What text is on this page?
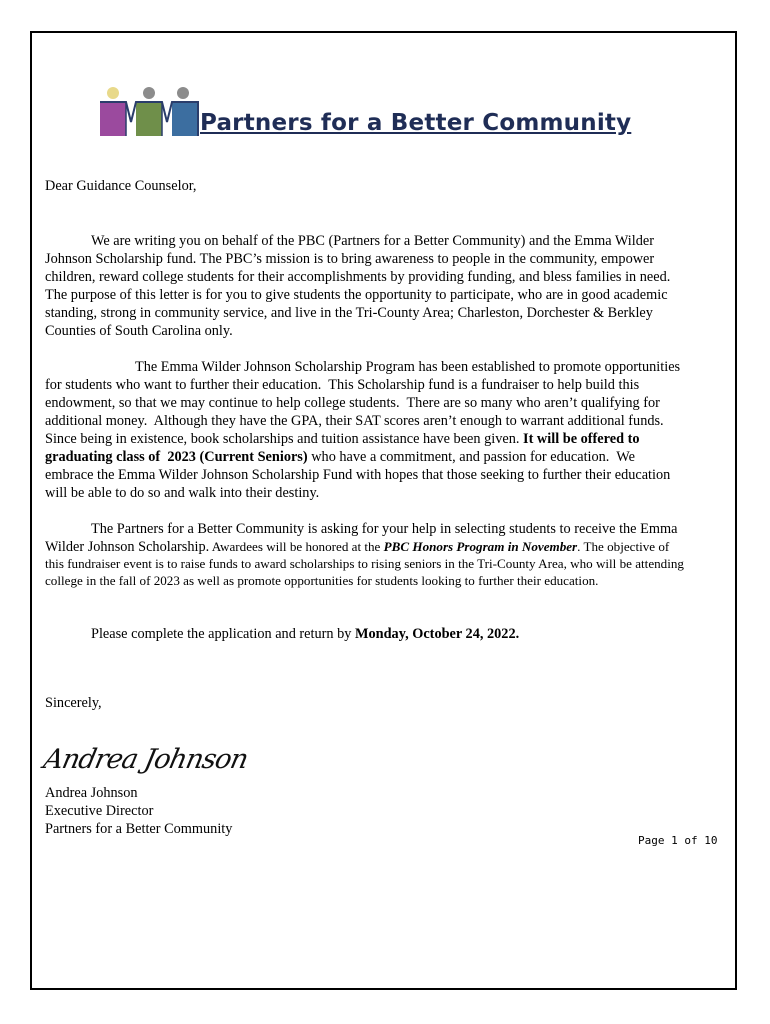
Partners for a Better Community
Dear Guidance Counselor,
We are writing you on behalf of the PBC (Partners for a Better Community) and the Emma Wilder
Johnson Scholarship fund. The PBC’s mission is to bring awareness to people in the community, empower
children, reward college students for their accomplishments by providing funding, and bless families in need.
The purpose of this letter is for you to give students the opportunity to participate, who are in good academic
standing, strong in community service, and live in the Tri-County Area; Charleston, Dorchester & Berkley
Counties of South Carolina only.
The Emma Wilder Johnson Scholarship Program has been established to promote opportunities
for students who want to further their education.  This Scholarship fund is a fundraiser to help build this
endowment, so that we may continue to help college students.  There are so many who aren’t qualifying for
additional money.  Although they have the GPA, their SAT scores aren’t enough to warrant additional funds.
Since being in existence, book scholarships and tuition assistance have been given. It will be offered to
graduating class of  2023 (Current Seniors) who have a commitment, and passion for education.  We
embrace the Emma Wilder Johnson Scholarship Fund with hopes that those seeking to further their education
will be able to do so and walk into their destiny.
The Partners for a Better Community is asking for your help in selecting students to receive the Emma
Wilder Johnson Scholarship. Awardees will be honored at the PBC Honors Program in November. The objective of
this fundraiser event is to raise funds to award scholarships to rising seniors in the Tri-County Area, who will be attending
college in the fall of 2023 as well as promote opportunities for students looking to further their education.
Please complete the application and return by Monday, October 24, 2022.
Sincerely,
Andrea Johnson
Andrea Johnson
Executive Director
Partners for a Better Community
Page 1 of 10
